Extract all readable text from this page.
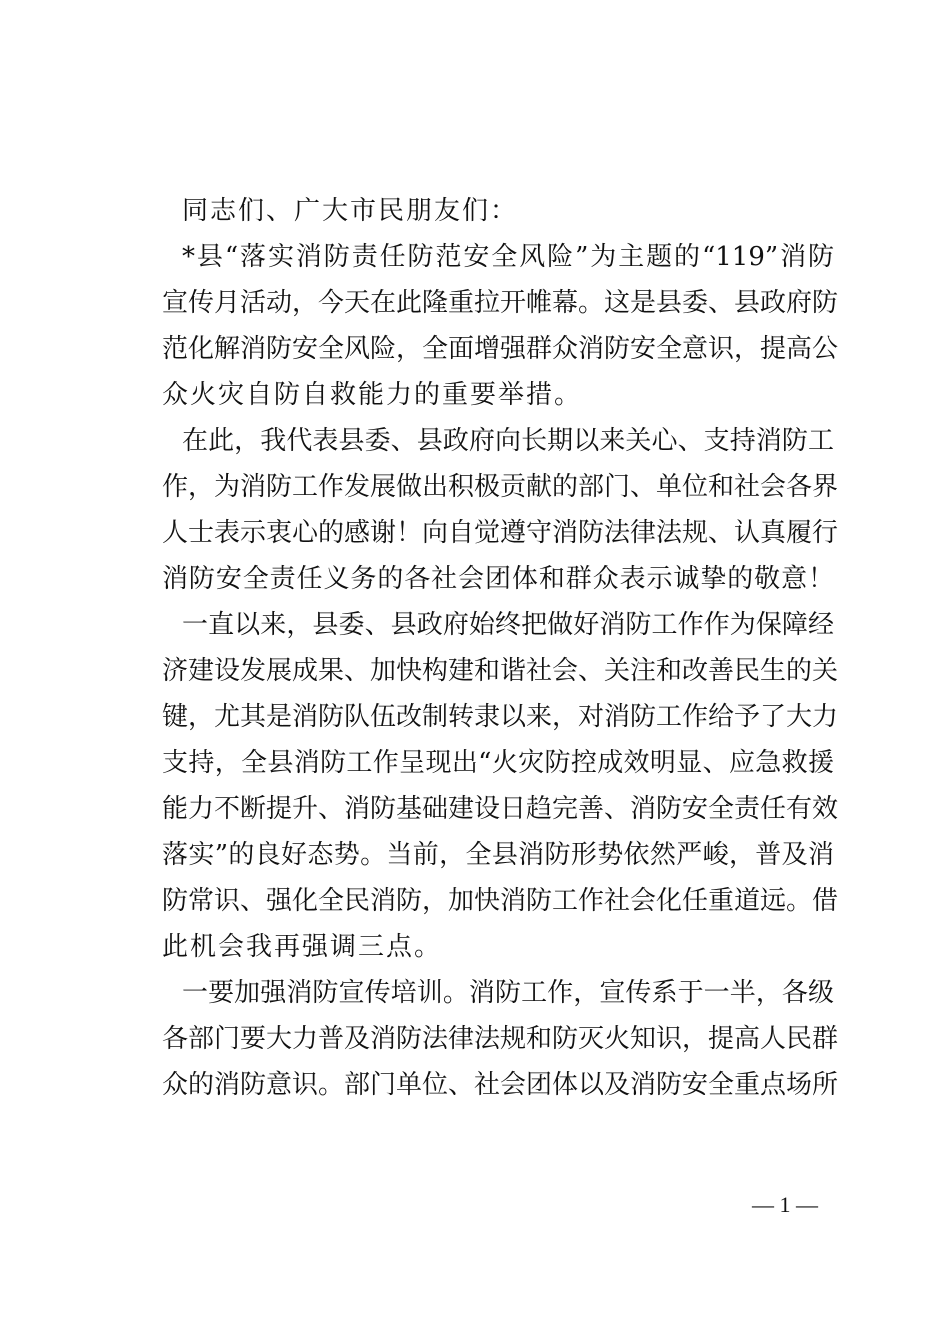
同志们、广大市民朋友们：
*县“落实消防责任防范安全风险”为主题的“119”消防
宣传月活动，今天在此隆重拉开帷幕。这是县委、县政府防
范化解消防安全风险，全面增强群众消防安全意识，提高公
众火灾自防自救能力的重要举措。
在此，我代表县委、县政府向长期以来关心、支持消防工
作，为消防工作发展做出积极贡献的部门、单位和社会各界
人士表示衷心的感谢！向自觉遵守消防法律法规、认真履行
消防安全责任义务的各社会团体和群众表示诚挚的敬意！
一直以来，县委、县政府始终把做好消防工作作为保障经
济建设发展成果、加快构建和谐社会、关注和改善民生的关
键，尤其是消防队伍改制转隶以来，对消防工作给予了大力
支持，全县消防工作呈现出“火灾防控成效明显、应急救援
能力不断提升、消防基础建设日趋完善、消防安全责任有效
落实”的良好态势。当前，全县消防形势依然严峻，普及消
防常识、强化全民消防，加快消防工作社会化任重道远。借
此机会我再强调三点。
一要加强消防宣传培训。消防工作，宣传系于一半，各级
各部门要大力普及消防法律法规和防灭火知识，提高人民群
众的消防意识。部门单位、社会团体以及消防安全重点场所
— 1 —
